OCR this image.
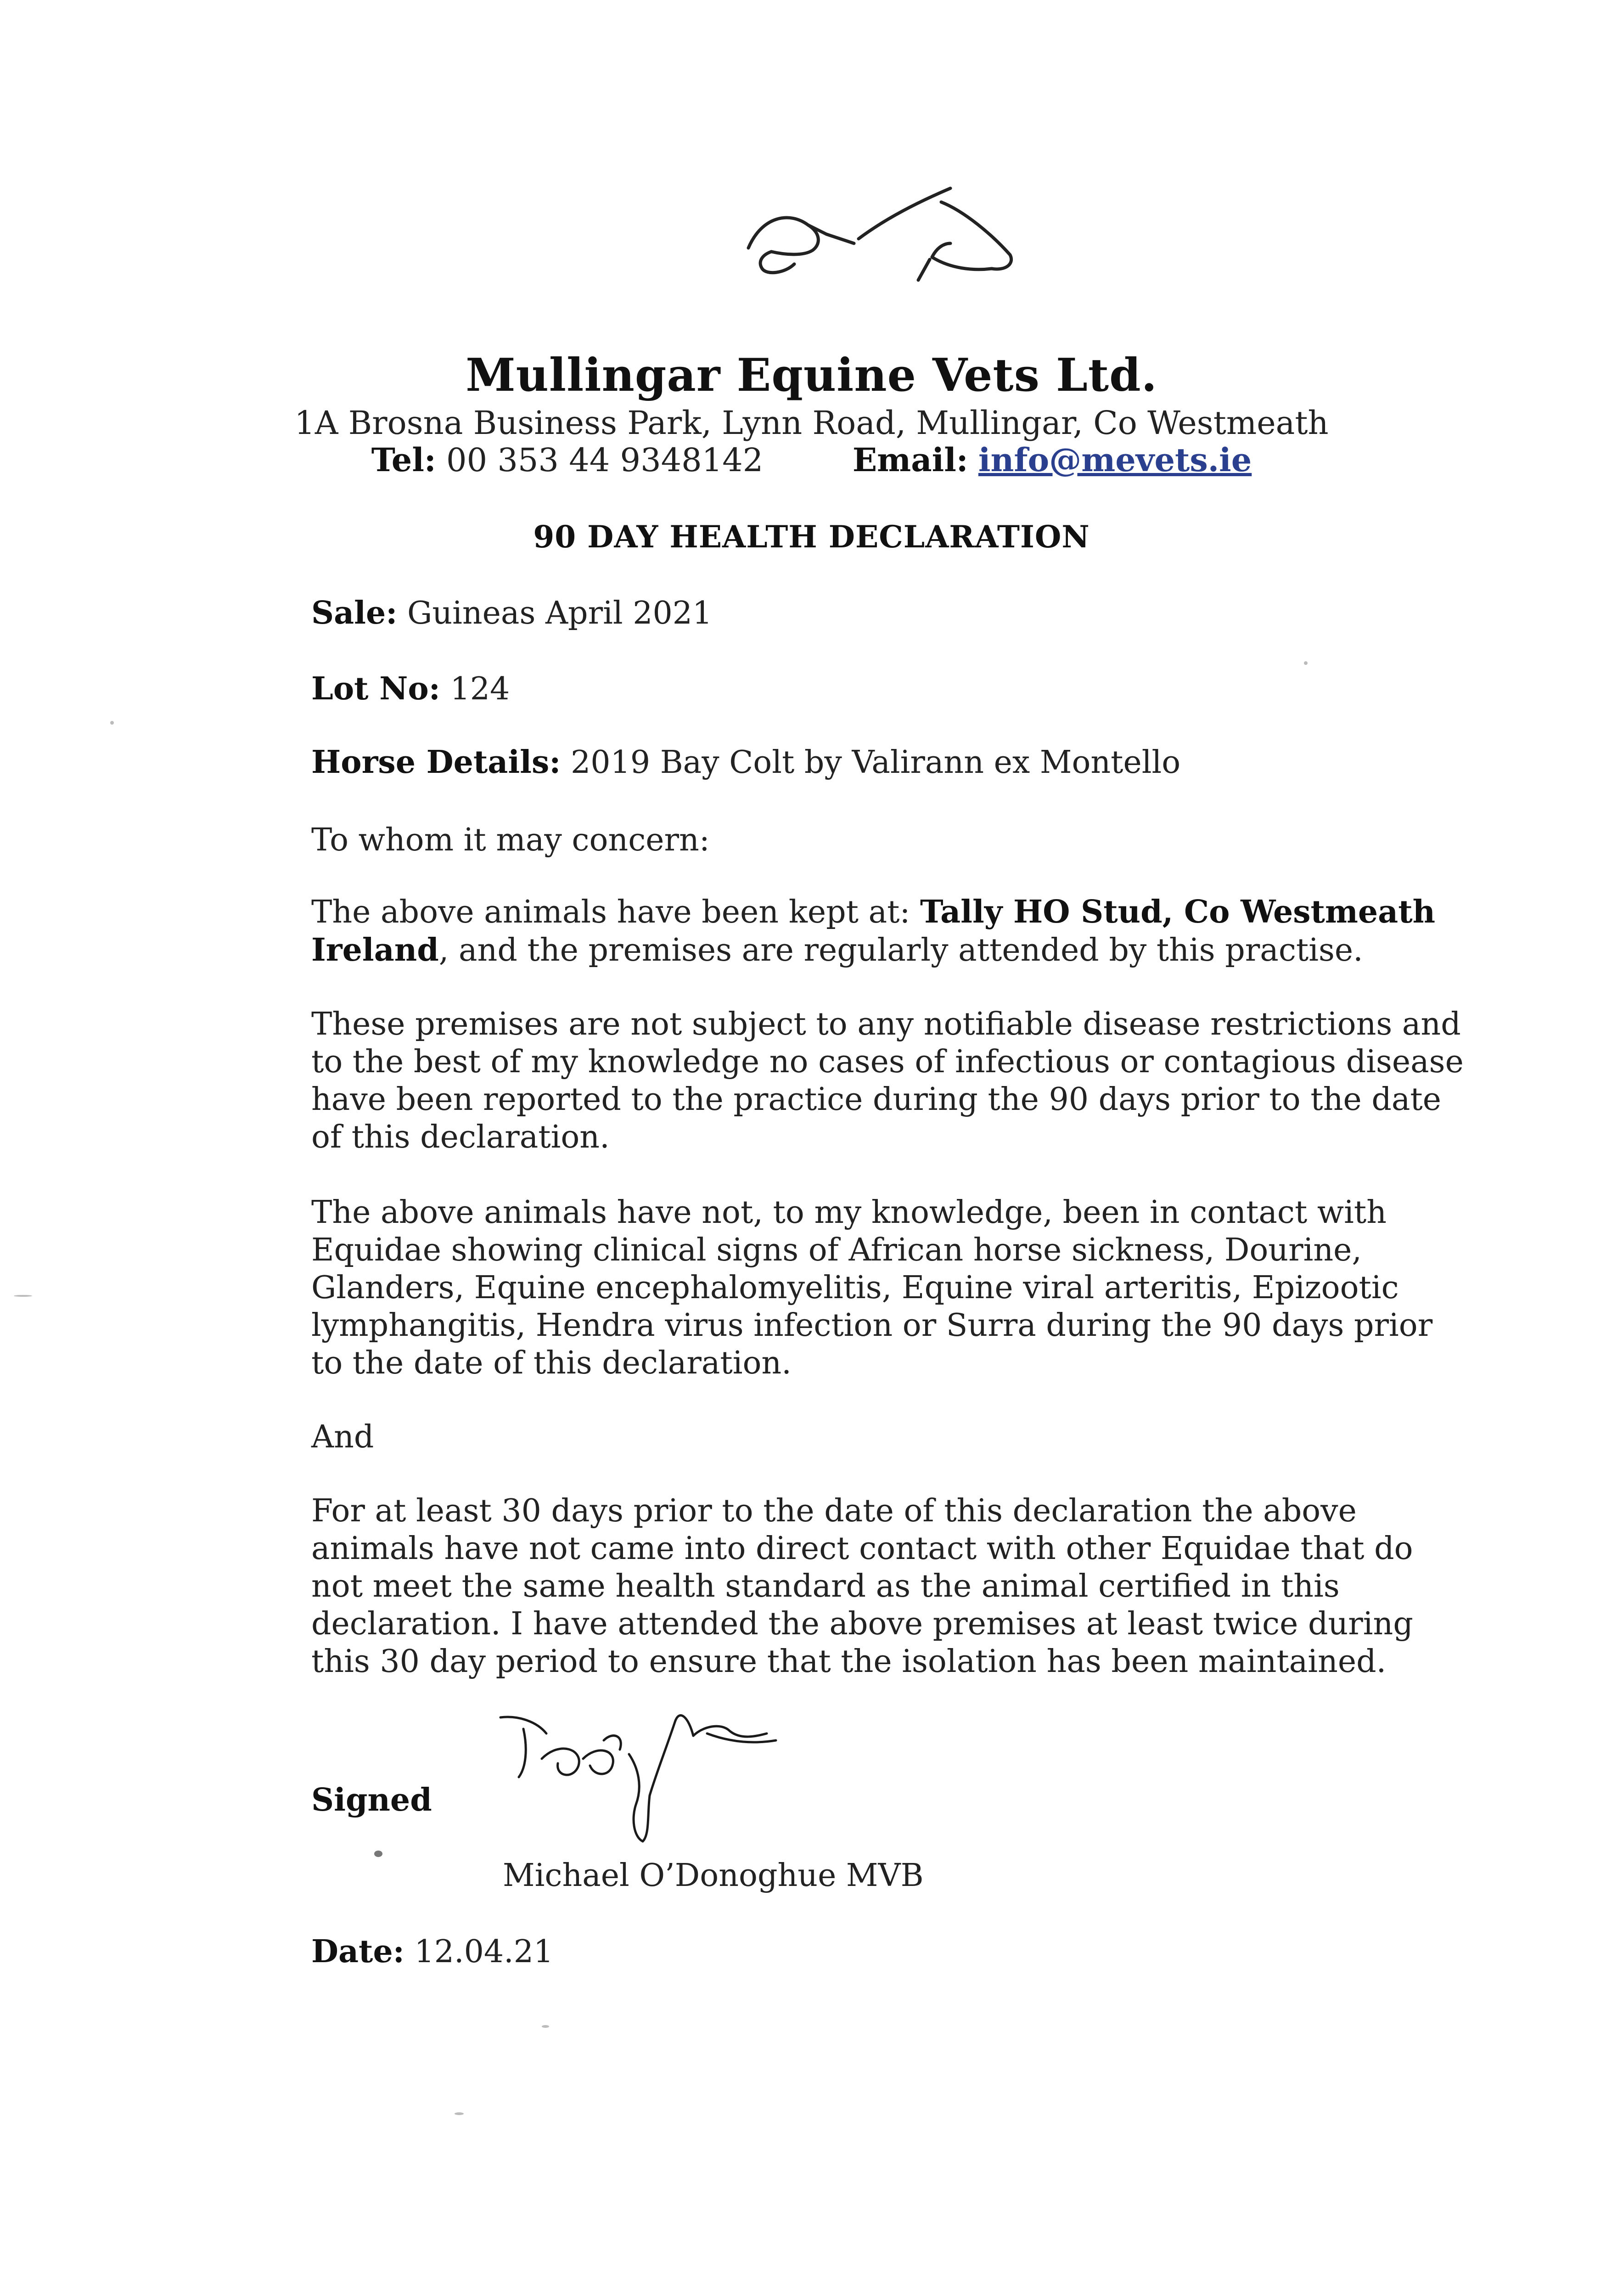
Mullingar Equine Vets Ltd.
1A Brosna Business Park, Lynn Road, Mullingar, Co Westmeath
Tel: 00 353 44 9348142	Email: info@mevets.ie
90 DAY HEALTH DECLARATION
Sale: Guineas April 2021
Lot No: 124
Horse Details: 2019 Bay Colt by Valirann ex Montello
To whom it may concern:
The above animals have been kept at: Tally HO Stud, Co Westmeath Ireland, and the premises are regularly attended by this practise.
These premises are not subject to any notifiable disease restrictions and to the best of my knowledge no cases of infectious or contagious disease have been reported to the practice during the 90 days prior to the date of this declaration.
The above animals have not, to my knowledge, been in contact with Equidae showing clinical signs of African horse sickness, Dourine, Glanders, Equine encephalomyelitis, Equine viral arteritis, Epizootic lymphangitis, Hendra virus infection or Surra during the 90 days prior to the date of this declaration.
And
For at least 30 days prior to the date of this declaration the above animals have not came into direct contact with other Equidae that do not meet the same health standard as the animal certified in this declaration. I have attended the above premises at least twice during this 30 day period to ensure that the isolation has been maintained.
Signed
Michael O’Donoghue MVB
Date: 12.04.21
